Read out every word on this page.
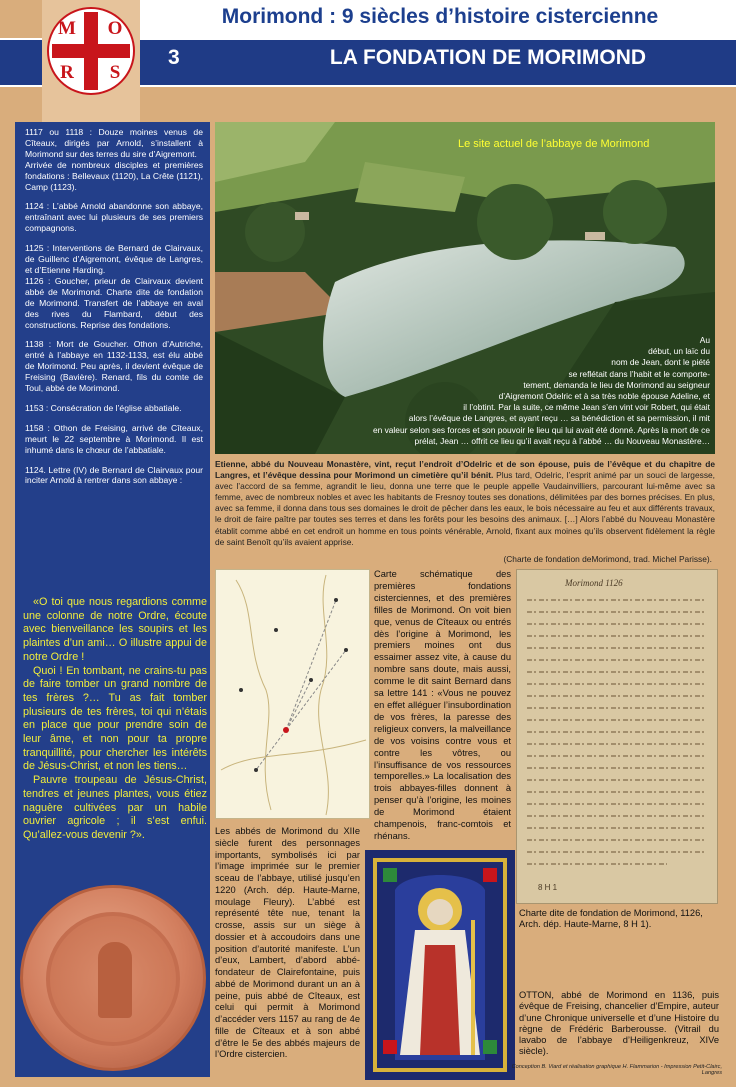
Morimond : 9 siècles d’histoire cistercienne
M O
R	S
3	LA FONDATION DE MORIMOND

1117 ou 1118 : Douze moines venus de Cîteaux, dirigés par Arnold, s’installent à Morimond sur des terres du sire d’Aigremont.
Arrivée de nombreux disciples et premières fondations : Bellevaux (1120), La Crête (1121), Camp (1123).

1124 : L’abbé Arnold abandonne son abbaye, entraînant avec lui plusieurs de ses premiers compagnons.

1125 : Interventions de Bernard de Clairvaux, de Guillenc d’Aigremont, évêque de Langres, et d’Etienne Harding.

1126 : Goucher, prieur de Clairvaux devient abbé de Morimond. Charte dite de fondation de Morimond. Transfert de l’abbaye en aval des rives du Flambard, début des constructions. Reprise des fondations.

1138 : Mort de Goucher. Othon d’Autriche, entré à l’abbaye en 1132-1133, est élu abbé de Morimond. Peu après, il devient évêque de Freising (Bavière). Renard, fils du comte de Toul, abbé de Morimond.

1153 : Consécration de l’église abbatiale.

1158 : Othon de Freising, arrivé de Cîteaux, meurt le 22 septembre à Morimond. Il est inhumé dans le chœur de l’abbatiale.

1124. Lettre (IV) de Bernard de Clairvaux pour inciter Arnold à rentrer dans son abbaye :

«O toi que nous regardions comme une colonne de notre Ordre, écoute avec bienveillance les soupirs et les plaintes d’un ami… O illustre appui de notre Ordre !

Quoi ! En tombant, ne crains-tu pas de faire tomber un grand nombre de tes frères ?… Tu as fait tomber plusieurs de tes frères, toi qui n’étais en place que pour prendre soin de leur âme, et non pour ta propre tranquillité, pour chercher les intérêts de Jésus-Christ, et non les tiens…

Pauvre troupeau de Jésus-Christ, tendres et jeunes plantes, vous étiez naguère cultivées par un habile ouvrier agricole ; il s’est enfui. Qu’allez-vous devenir ?».

Le site actuel de l’abbaye de Morimond
Au
début, un laïc du
nom de Jean, dont le piété
se reflétait dans l’habit et le comporte-
tement, demanda le lieu de Morimond au seigneur
d’Aigremont Odelric et à sa très noble épouse Adeline, et
il l’obtint. Par la suite, ce même Jean s’en vint voir Robert, qui était
alors l’évêque de Langres, et ayant reçu … sa bénédiction et sa permission, il mit
en valeur selon ses forces et son pouvoir le lieu qui lui avait été donné. Après la mort de ce
prélat, Jean … offrit ce lieu qu’il avait reçu à l’abbé … du Nouveau Monastère…
Etienne, abbé du Nouveau Monastère, vint, reçut l’endroit d’Odelric et de son épouse, puis de l’évêque et du chapitre de Langres, et l’évêque dessina pour Morimond un cimetière qu’il bénit. Plus tard, Odelric, l’esprit animé par un souci de largesse, avec l’accord de sa femme, agrandit le lieu, donna une terre que le peuple appelle Vaudainvilliers, parcourant lui-même avec sa femme, avec de nombreux nobles et avec les habitants de Fresnoy toutes ses donations, délimitées par des bornes précises. En plus, avec sa femme, il donna dans tous ses domaines le droit de pêcher dans les eaux, le bois nécessaire au feu et aux différents travaux, le droit de faire paître par toutes ses terres et dans les forêts pour les besoins des animaux. […] Alors l’abbé du Nouveau Monastère établit comme abbé en cet endroit un homme en tous points vénérable, Arnold, fixant aux moines qu’ils observent fidèlement la règle de saint Benoît qu’ils avaient apprise.
(Charte de fondation deMorimond, trad. Michel Parisse).
Carte schématique des premières fondations cisterciennes, et des premières filles de Morimond. On voit bien que, venus de Cîteaux ou entrés dès l’origine à Morimond, les premiers moines ont dus essaimer assez vite, à cause du nombre sans doute, mais aussi, comme le dit saint Bernard dans sa lettre 141 : «Vous ne pouvez en effet alléguer l’insubordination de vos frères, la paresse des religieux convers, la malveillance de vos voisins contre vous et contre les vôtres, ou l’insuffisance de vos ressources temporelles.» La localisation des trois abbayes-filles donnent à penser qu’à l’origine, les moines de Morimond étaient champenois, franc-comtois et rhénans.
Morimond 1126
8 H 1
Charte dite de fondation de Morimond, 1126, Arch. dép. Haute-Marne, 8 H 1).
Les abbés de Morimond du XIIe siècle furent des personnages importants, symbolisés ici par l’image imprimée sur le premier sceau de l’abbaye, utilisé jusqu’en 1220 (Arch. dép. Haute-Marne, moulage Fleury). L’abbé est représenté tête nue, tenant la crosse, assis sur un siège à dossier et à accoudoirs dans une position d’autorité manifeste. L’un d’eux, Lambert, d’abord abbé-fondateur de Clairefontaine, puis abbé de Morimond durant un an à peine, puis abbé de Cîteaux, est celui qui permit à Morimond d’accéder vers 1157 au rang de 4e fille de Cîteaux et à son abbé d’être le 5e des abbés majeurs de l’Ordre cistercien.
OTTON, abbé de Morimond en 1136, puis évêque de Freising, chancelier d’Empire, auteur d’une Chronique universelle et d’une Histoire du règne de Frédéric Barberousse. (Vitrail du lavabo de l’abbaye d’Heiligenkreuz, XIVe siècle).
Conception B. Viard et réalisation graphique H. Flammarion - Impression Petit-Clairc, Langres
